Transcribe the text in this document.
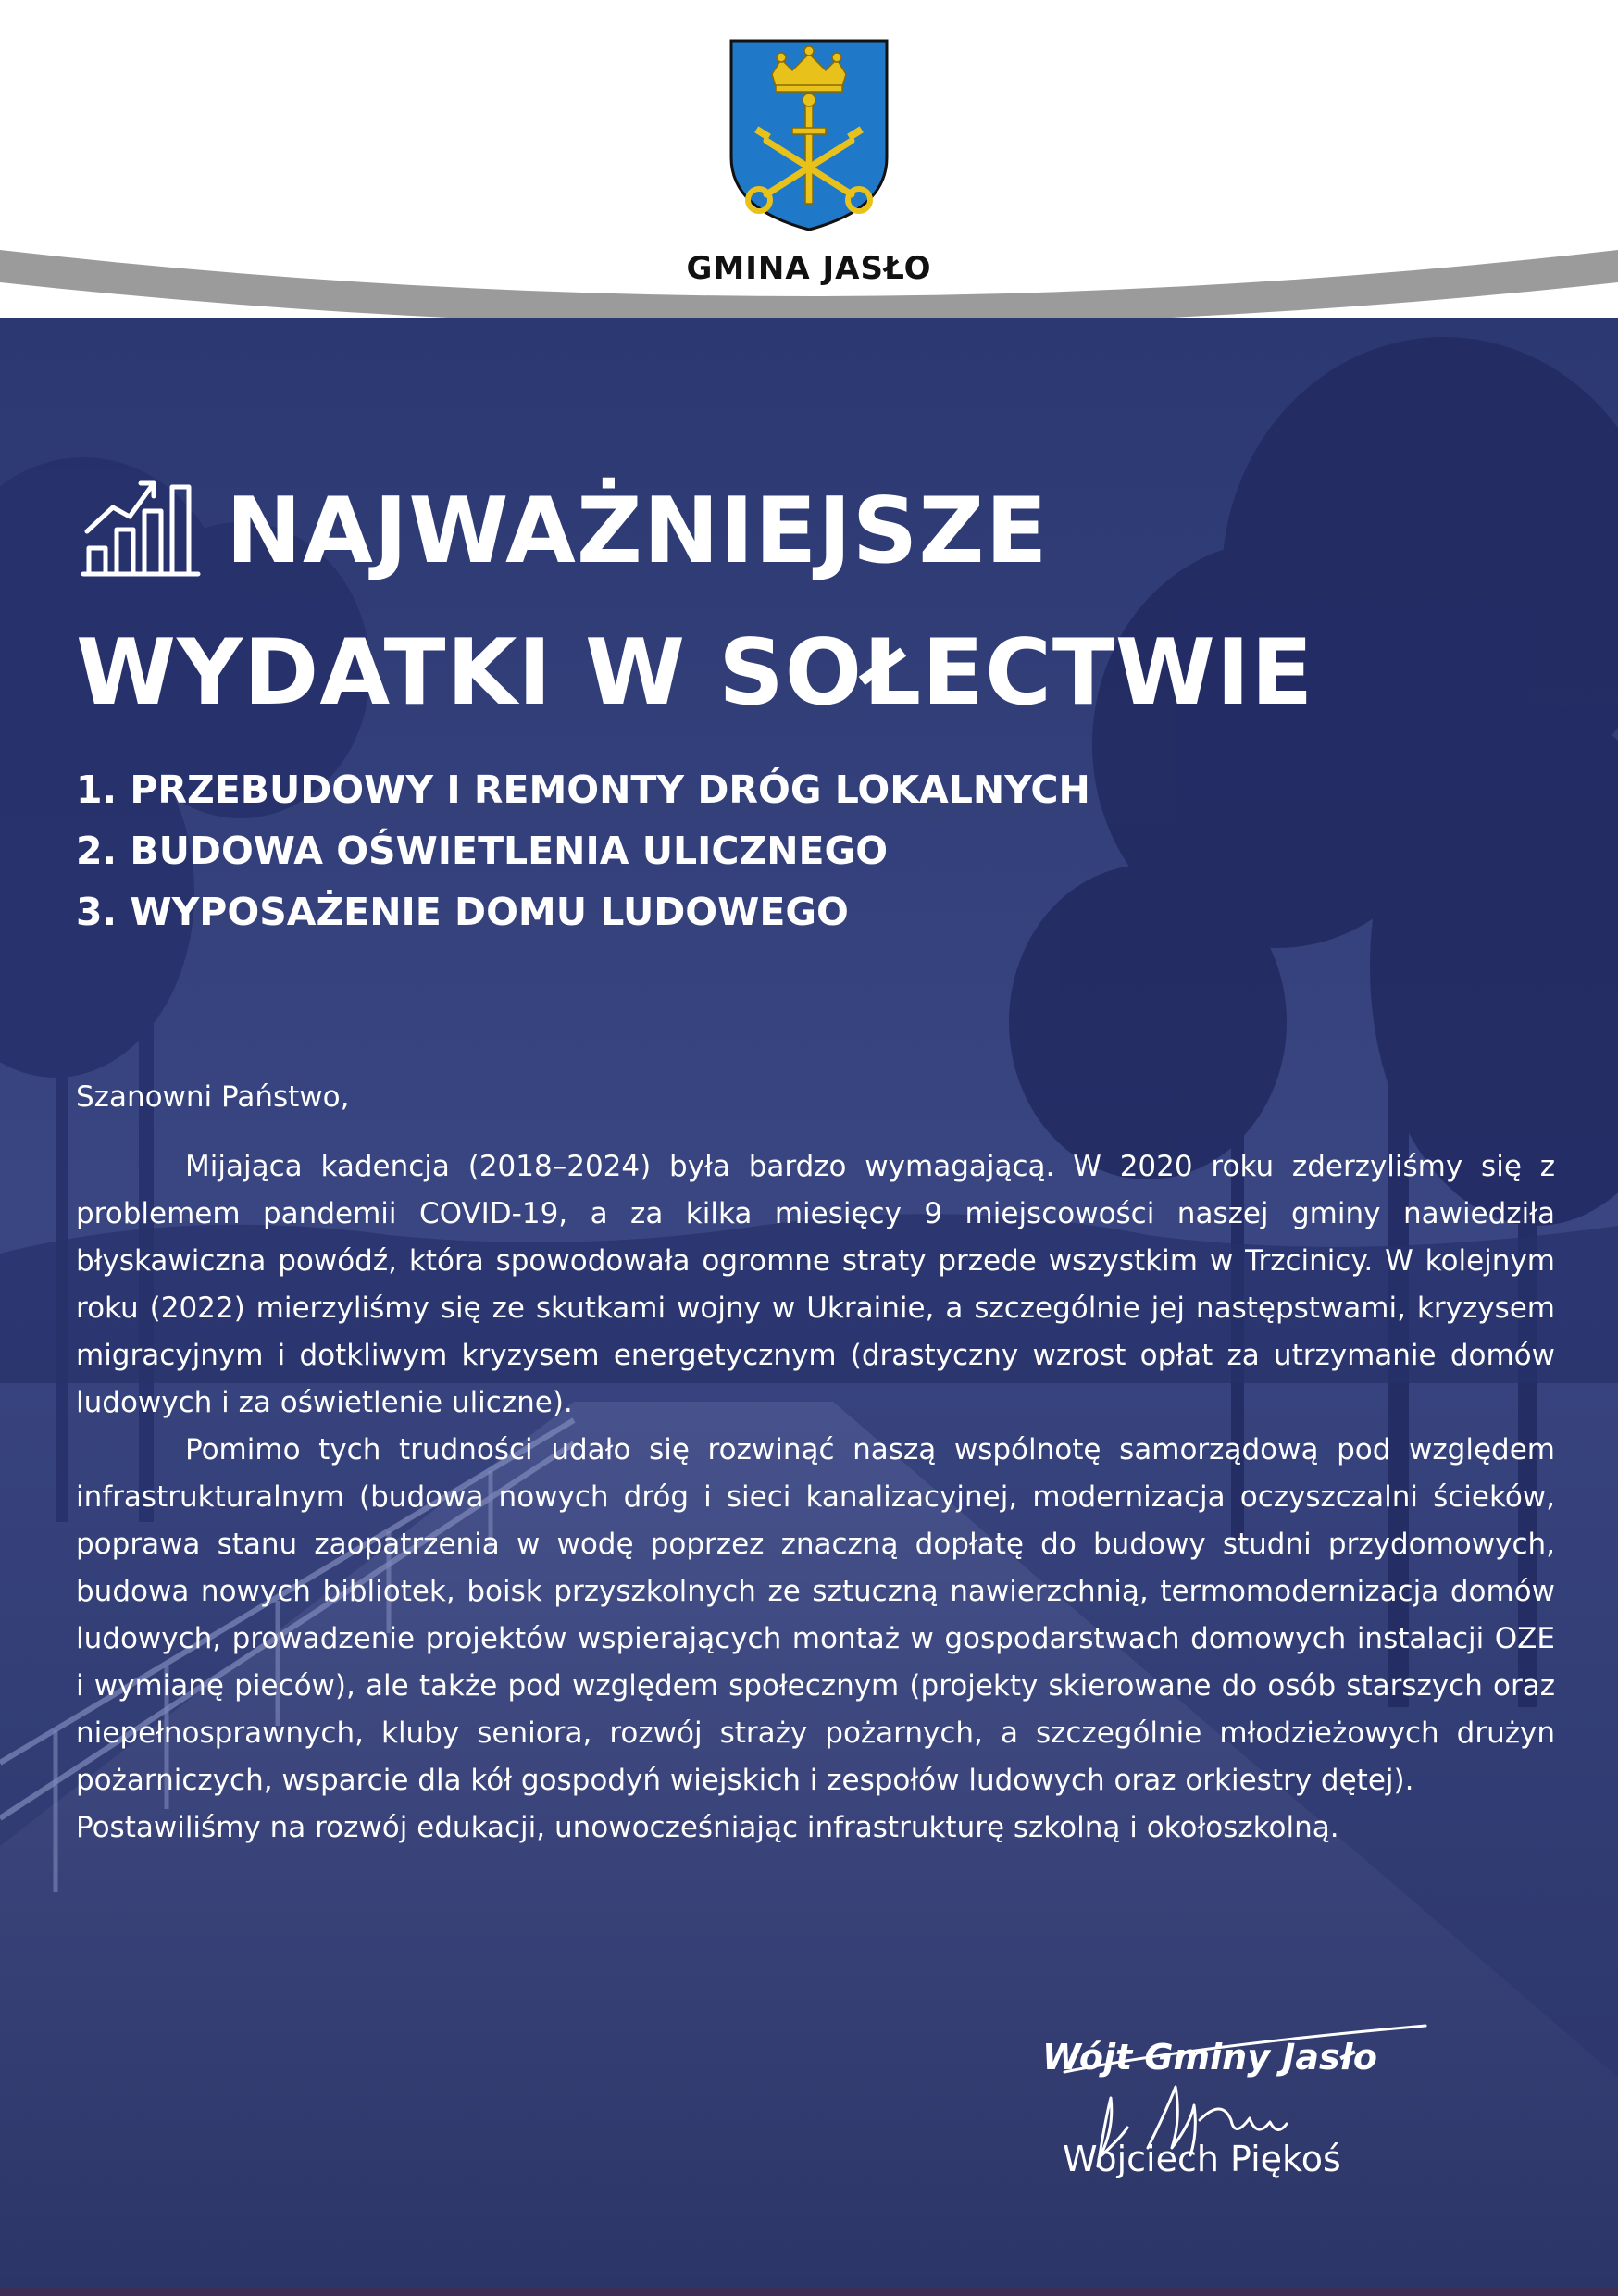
GMINA JASŁO
NAJWAŻNIEJSZE
WYDATKI W SOŁECTWIE
1. PRZEBUDOWY I REMONTY DRÓG LOKALNYCH
2. BUDOWA OŚWIETLENIA ULICZNEGO
3. WYPOSAŻENIE DOMU LUDOWEGO

Szanowni Państwo,

Mijająca kadencja (2018–2024) była bardzo wymagającą. W 2020 roku zderzyliśmy się z problemem pandemii COVID-19, a za kilka miesięcy 9 miejscowości naszej gminy nawiedziła błyskawiczna powódź, która spowodowała ogromne straty przede wszystkim w Trzcinicy. W kolejnym roku (2022) mierzyliśmy się ze skutkami wojny w Ukrainie, a szczególnie jej następstwami, kryzysem migracyjnym i dotkliwym kryzysem energetycznym (drastyczny wzrost opłat za utrzymanie domów ludowych i za oświetlenie uliczne).

Pomimo tych trudności udało się rozwinąć naszą wspólnotę samorządową pod względem infrastrukturalnym (budowa nowych dróg i sieci kanalizacyjnej, modernizacja oczyszczalni ścieków, poprawa stanu zaopatrzenia w wodę poprzez znaczną dopłatę do budowy studni przydomowych, budowa nowych bibliotek, boisk przyszkolnych ze sztuczną nawierzchnią, termomodernizacja domów ludowych, prowadzenie projektów wspierających montaż w gospodarstwach domowych instalacji OZE i wymianę pieców), ale także pod względem społecznym (projekty skierowane do osób starszych oraz niepełnosprawnych, kluby seniora, rozwój straży pożarnych, a szczególnie młodzieżowych drużyn pożarniczych, wsparcie dla kół gospodyń wiejskich i zespołów ludowych oraz orkiestry dętej).

Postawiliśmy na rozwój edukacji, unowocześniając infrastrukturę szkolną i okołoszkolną.

Wójt Gminy Jasło
Wojciech Piękoś
